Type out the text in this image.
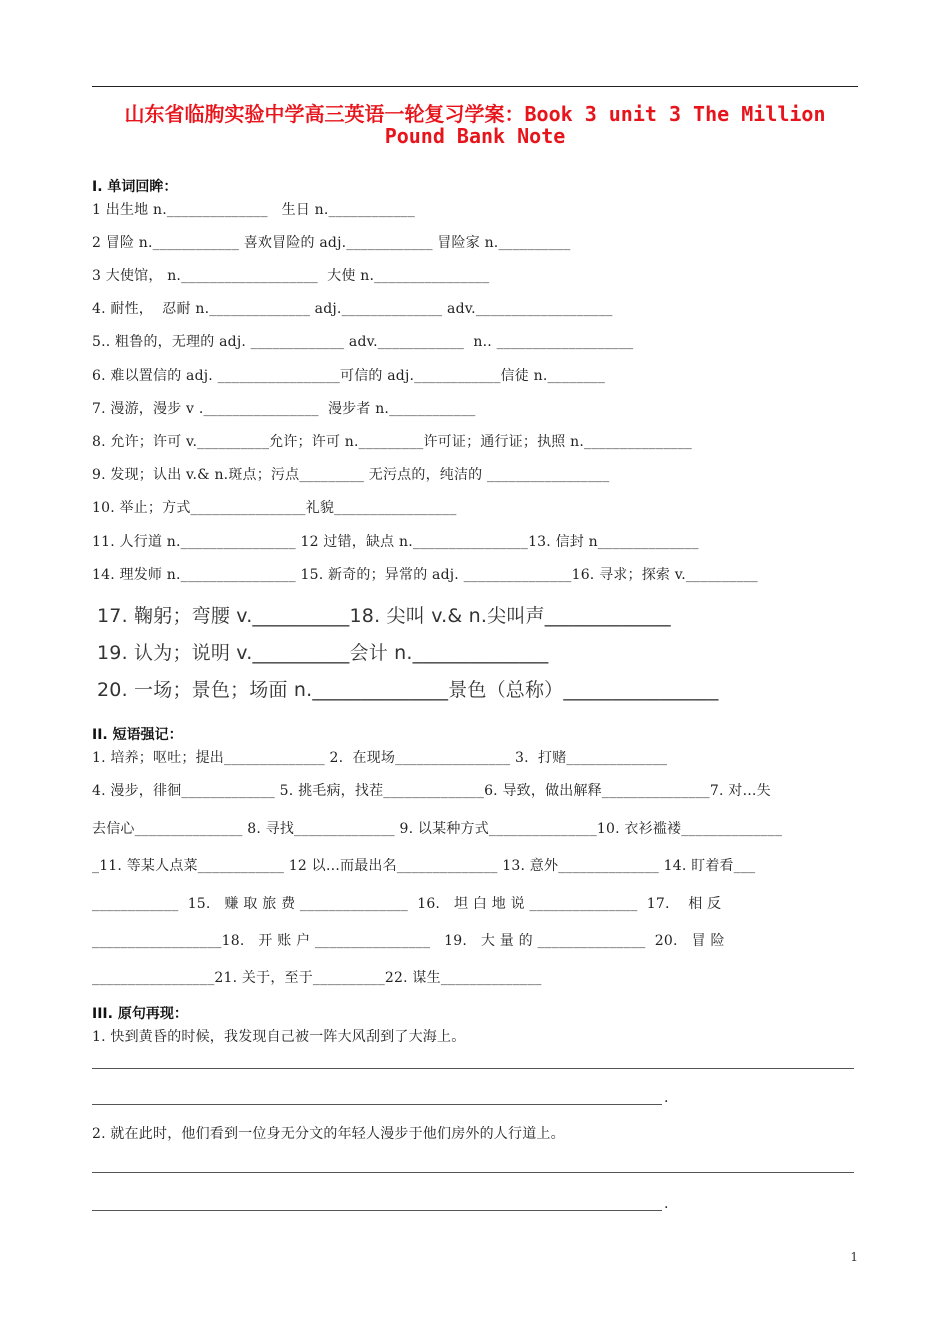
山东省临朐实验中学高三英语一轮复习学案：Book 3 unit 3 The Million
Pound Bank Note
I. 单词回眸：
1 出生地 n.______________   生日 n.____________
2 冒险 n.____________ 喜欢冒险的 adj.____________ 冒险家 n.__________
3 大使馆， n.___________________  大使 n.________________
4. 耐性，  忍耐 n.______________ adj.______________ adv.___________________
5.. 粗鲁的，无理的 adj. _____________ adv.____________  n.. ___________________
6. 难以置信的 adj. _________________可信的 adj.____________信徒 n.________
7. 漫游，漫步 v .________________  漫步者 n.____________
8. 允许；许可 v.__________允许；许可 n._________许可证；通行证；执照 n._______________
9. 发现；认出 v.& n.斑点；污点_________ 无污点的，纯洁的 _________________
10. 举止；方式________________礼貌_________________
11. 人行道 n.________________ 12 过错，缺点 n.________________13. 信封 n______________
14. 理发师 n.________________ 15. 新奇的；异常的 adj. _______________16. 寻求；探索 v.__________
17. 鞠躬；弯腰 v.__________18. 尖叫 v.& n.尖叫声_____________
19. 认为；说明 v.__________会计 n.______________
20. 一场；景色；场面 n.______________景色（总称）________________
II. 短语强记：
1. 培养；呕吐；提出______________ 2.  在现场________________ 3.  打赌______________
4. 漫步，徘徊_____________ 5. 挑毛病，找茬______________6. 导致，做出解释_______________7. 对…失
去信心_______________ 8. 寻找______________ 9. 以某种方式_______________10. 衣衫褴褛______________
_11. 等某人点菜____________ 12 以…而最出名______________ 13. 意外______________ 14. 盯着看___
____________  15.   赚 取 旅 费 _______________  16.   坦 白 地 说 _______________  17.    相 反
__________________18.   开 账 户 ________________   19.   大 量 的 _______________  20.   冒 险
_________________21. 关于，至于__________22. 谋生______________
III. 原句再现：
1. 快到黄昏的时候，我发现自己被一阵大风刮到了大海上。
.
2. 就在此时，他们看到一位身无分文的年轻人漫步于他们房外的人行道上。
.
1
